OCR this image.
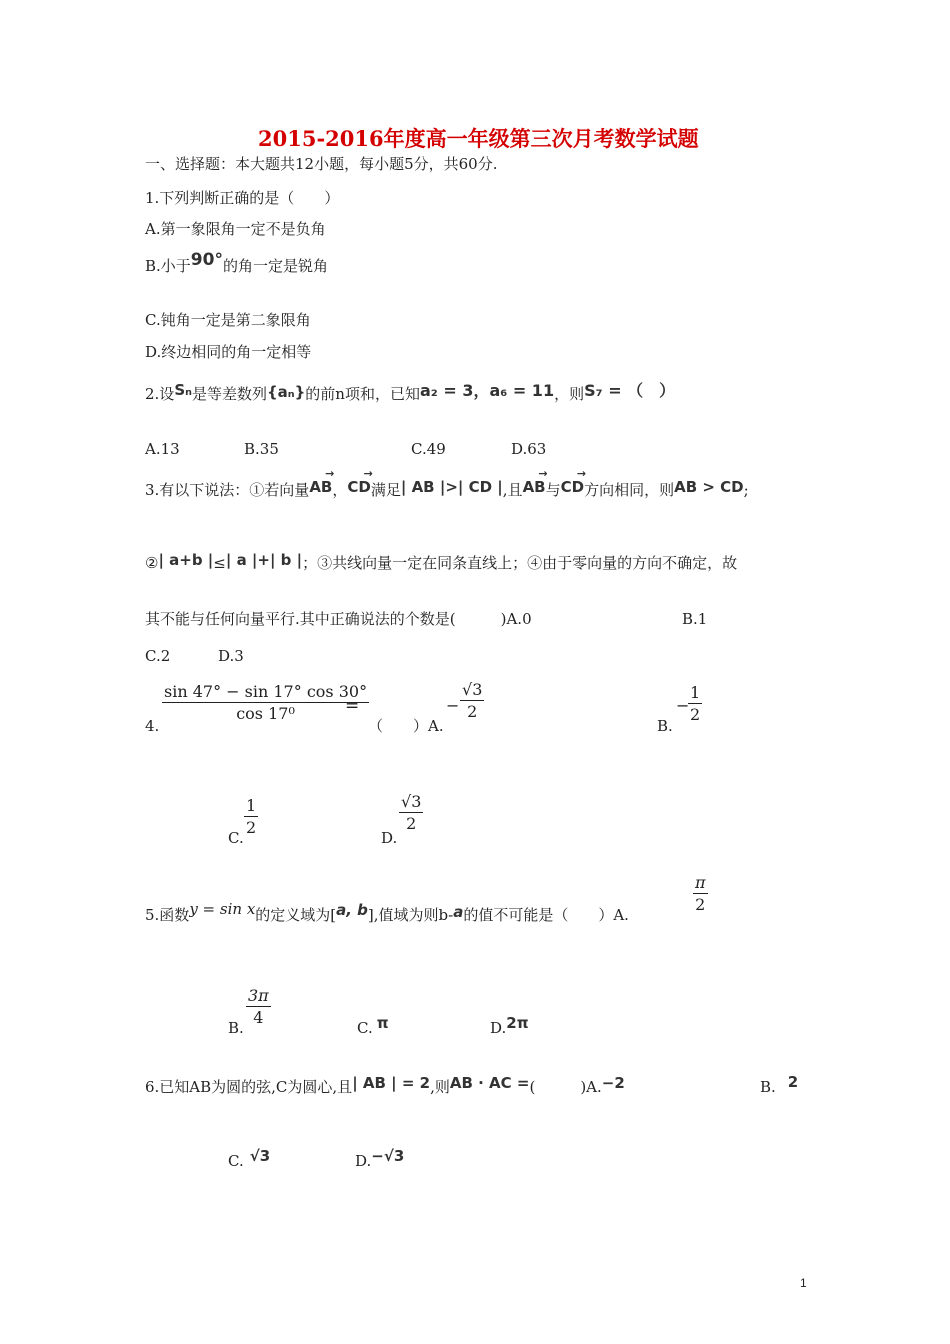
2015-2016年度高一年级第三次月考数学试题
一、选择题：本大题共12小题，每小题5分，共60分.
1.下列判断正确的是（　　）
A.第一象限角一定不是负角
B.小于90°的角一定是锐角
C.钝角一定是第二象限角
D.终边相同的角一定相等
2.设Sₙ是等差数列{aₙ}的前n项和，已知a₂ = 3，a₆ = 11，则S₇ = （　）
A.13	B.35	C.49	D.63
3.有以下说法：①若向量AB →，CD →满足| AB |>| CD |,且AB →与CD →方向相同，则AB > CD;
②| a+b |≤| a |+| b |；③共线向量一定在同条直线上；④由于零向量的方向不确定，故
其不能与任何向量平行.其中正确说法的个数是(　　　)A.0	B.1
C.2	D.3
4.
sin 47° − sin 17° cos 30°
cos 17⁰	=
（　　）A.
−
√3
2
B.
−
1
2
C.
1
2
D.
√3
2
5.函数y = sin x的定义域为[a, b],值域为则b-a的值不可能是（　　）A.
π
2
B.
3π
4
C. π	D.2π
6.已知AB为圆的弦,C为圆心,且| AB | = 2,则AB · AC =(　　　)A.−2	B. 2
C. √3	D.−√3
1
